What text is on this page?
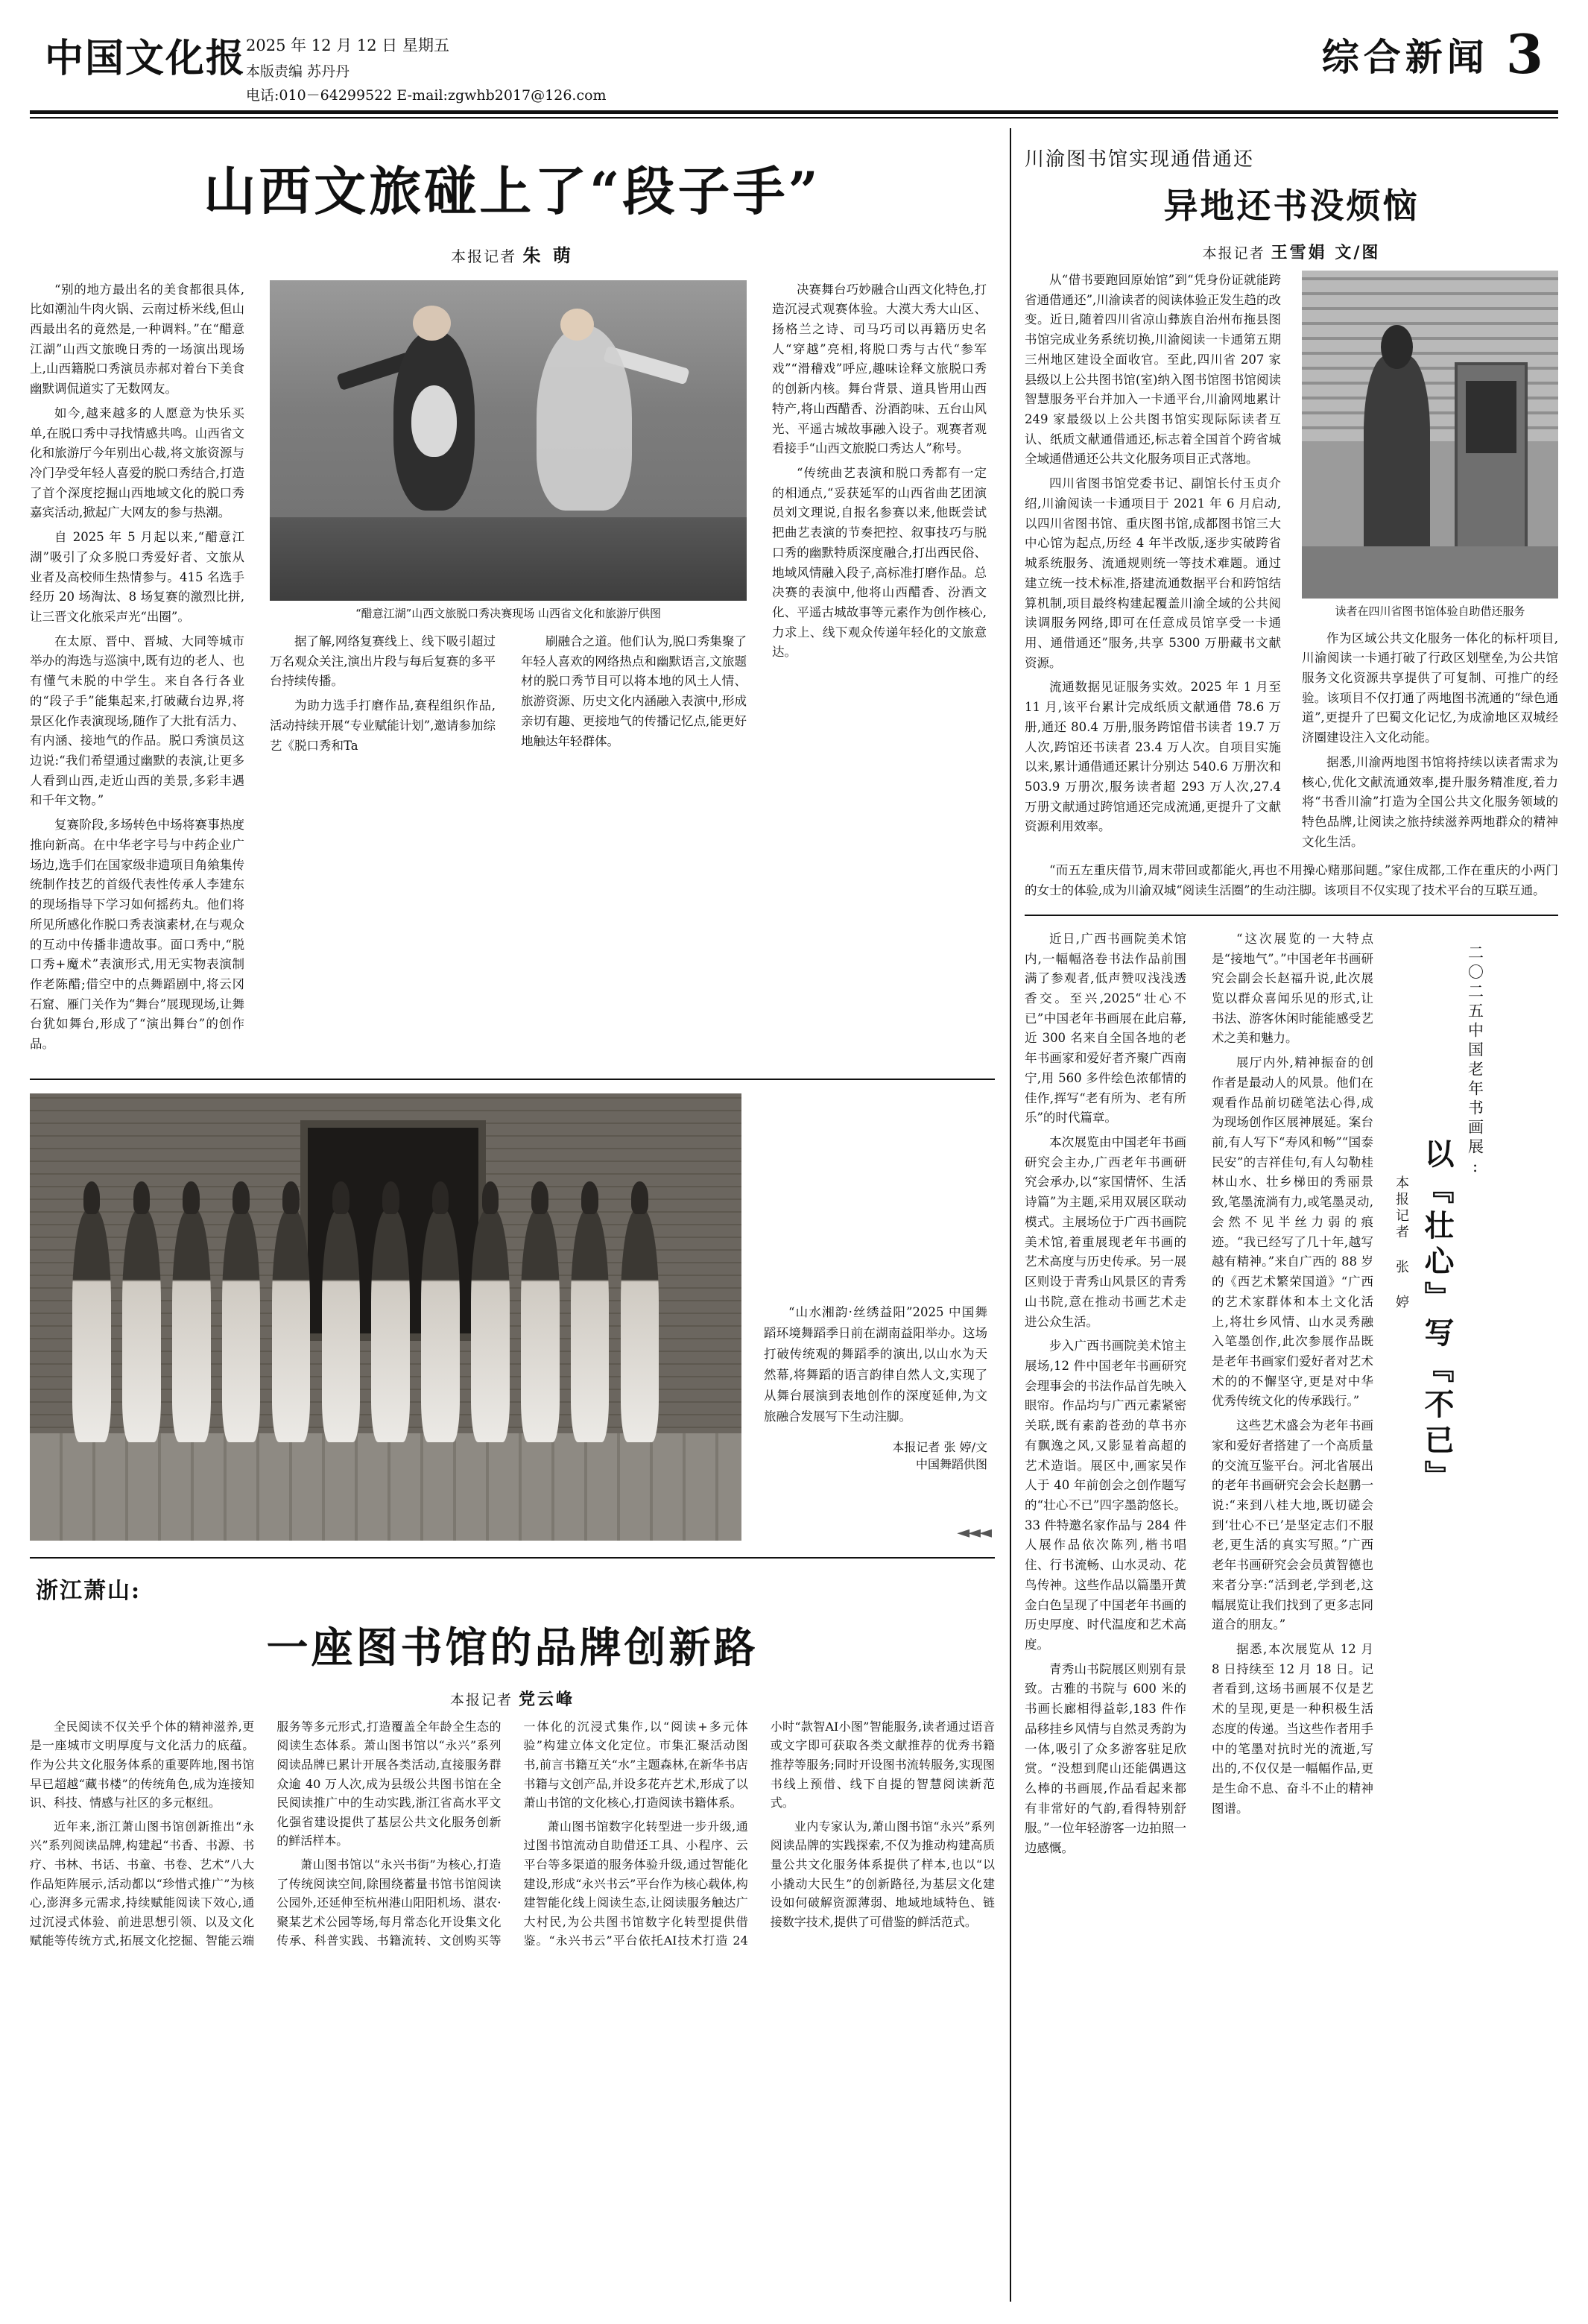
中国文化报 2025 年 12 月 12 日 星期五
本版责编 苏丹丹
电话:010－64299522 E-mail:zgwhb2017@126.com
综合新闻 3
山西文旅碰上了“段子手”
本报记者 朱 萌

“别的地方最出名的美食都很具体,比如潮汕牛肉火锅、云南过桥米线,但山西最出名的竟然是,一种调料。”在“醋意江湖”山西文旅晚日秀的一场演出现场上,山西籍脱口秀演员赤郝对着台下美食幽默调侃道实了无数网友。

如今,越来越多的人愿意为快乐买单,在脱口秀中寻找情感共鸣。山西省文化和旅游厅今年别出心裁,将文旅资源与冷门孕受年轻人喜爱的脱口秀结合,打造了首个深度挖掘山西地域文化的脱口秀嘉宾活动,掀起广大网友的参与热潮。

自 2025 年 5 月起以来,“醋意江湖”吸引了众多脱口秀爱好者、文旅从业者及高校师生热情参与。415 名选手经历 20 场淘汰、8 场复赛的激烈比拼,让三晋文化旅采声光“出圈”。

在太原、晋中、晋城、大同等城市举办的海选与巡演中,既有边的老人、也有懂气未脱的中学生。来自各行各业的“段子手”能集起来,打破藏台边界,将景区化作表演现场,随作了大批有活力、有内涵、接地气的作品。脱口秀演员这边说:“我们希望通过幽默的表演,让更多人看到山西,走近山西的美景,多彩丰遇和千年文物。”

复赛阶段,多场转色中场将赛事热度推向新高。在中华老字号与中药企业广场边,选手们在国家级非遗项目角飨集传统制作技艺的首级代表性传承人李建东的现场指导下学习如何摇药丸。他们将所见所感化作脱口秀表演素材,在与观众的互动中传播非遗故事。面口秀中,“脱口秀+魔术”表演形式,用无实物表演制作老陈醋;借空中的点舞蹈剧中,将云冈石窟、雁门关作为“舞台”展现现场,让舞台犹如舞台,形成了“演出舞台”的创作品。

“醋意江湖”山西文旅脱口秀决赛现场 山西省文化和旅游厅供图

据了解,网络复赛线上、线下吸引超过万名观众关注,演出片段与每后复赛的多平台持续传播。

为助力选手打磨作品,赛程组织作品,活动持续开展“专业赋能计划”,邀请参加综艺《脱口秀和Ta

刷融合之道。他们认为,脱口秀集聚了年轻人喜欢的网络热点和幽默语言,文旅题材的脱口秀节目可以将本地的风土人情、旅游资源、历史文化内涵融入表演中,形成亲切有趣、更接地气的传播记忆点,能更好地触达年轻群体。

决赛舞台巧妙融合山西文化特色,打造沉浸式观赛体验。大漠大秀大山区、扬格兰之诗、司马巧司以再籍历史名人“穿越”亮相,将脱口秀与古代“参军戏”“滑稽戏”呼应,趣味诠释文旅脱口秀的创新内核。舞台背景、道具皆用山西特产,将山西醋香、汾酒韵味、五台山风光、平遥古城故事融入设子。观赛者观看接手“山西文旅脱口秀达人”称号。

“传统曲艺表演和脱口秀都有一定的相通点,“妥获延军的山西省曲艺团演员刘文理说,自报名参赛以来,他既尝试把曲艺表演的节奏把控、叙事技巧与脱口秀的幽默特质深度融合,打出西民俗、地域风情融入段子,高标准打磨作品。总决赛的表演中,他将山西醋香、汾酒文化、平遥古城故事等元素作为创作核心,力求上、线下观众传递年轻化的文旅意达。

“山水湘韵·丝绣益阳”2025 中国舞蹈环境舞蹈季日前在湖南益阳举办。这场打破传统观的舞蹈季的演出,以山水为天然幕,将舞蹈的语言韵律自然人文,实现了从舞台展演到表地创作的深度延伸,为文旅融合发展写下生动注脚。
本报记者 张 婷/文
中国舞蹈供图
◄◄◄
浙江萧山:
一座图书馆的品牌创新路
本报记者 党云峰

全民阅读不仅关乎个体的精神滋养,更是一座城市文明厚度与文化活力的底蕴。作为公共文化服务体系的重要阵地,图书馆早已超越“藏书楼”的传统角色,成为连接知识、科技、情感与社区的多元枢纽。

近年来,浙江萧山图书馆创新推出“永兴”系列阅读品牌,构建起“书香、书源、书疗、书林、书话、书童、书卷、艺术”八大作品矩阵展示,活动都以“珍惜式推广”为核心,澎湃多元需求,持续赋能阅读下效心,通过沉浸式体验、前进思想引领、以及文化赋能等传统方式,拓展文化挖掘、智能云端服务等多元形式,打造覆盖全年龄全生态的阅读生态体系。萧山图书馆以“永兴”系列阅读品牌已累计开展各类活动,直接服务群众逾 40 万人次,成为县级公共图书馆在全民阅读推广中的生动实践,浙江省高水平文化强省建设提供了基层公共文化服务创新的鲜活样本。

萧山图书馆以“永兴书街”为核心,打造了传统阅读空间,除围绕蓄量书馆书馆阅读公园外,还延伸至杭州港山阳阳机场、湛农·聚某艺术公园等场,每月常态化开设集文化传承、科普实践、书籍流转、文创购买等一体化的沉浸式集作,以“阅读+多元体验”构建立体文化定位。市集汇聚活动图书,前言书籍互关“水”主题森林,在新华书店书籍与文创产品,并设多花卉艺术,形成了以萧山书馆的文化核心,打造阅读书籍体系。

萧山图书馆数字化转型进一步升级,通过图书馆流动自助借还工具、小程序、云平台等多渠道的服务体验升级,通过智能化建设,形成“永兴书云”平台作为核心载体,构建智能化线上阅读生态,让阅读服务触达广大村民,为公共图书馆数字化转型提供借鉴。“永兴书云”平台依托AI技术打造 24 小时“款智AI小图”智能服务,读者通过语音或文字即可获取各类文献推荐的优秀书籍推荐等服务;同时开设图书流转服务,实现图书线上预借、线下自提的智慧阅读新范式。

业内专家认为,萧山图书馆“永兴”系列阅读品牌的实践探索,不仅为推动构建高质量公共文化服务体系提供了样本,也以“以小撬动大民生”的创新路径,为基层文化建设如何破解资源薄弱、地域地域特色、链接数字技术,提供了可借鉴的鲜活范式。

川渝图书馆实现通借通还
异地还书没烦恼
本报记者 王雪娟 文/图

从“借书要跑回原始馆”到“凭身份证就能跨省通借通还”,川渝读者的阅读体验正发生趋的改变。近日,随着四川省凉山彝族自治州布拖县图书馆完成业务系统切换,川渝阅读一卡通第五期三州地区建设全面收官。至此,四川省 207 家县级以上公共图书馆(室)纳入图书馆图书馆阅读智慧服务平台并加入一卡通平台,川渝网地累计 249 家最级以上公共图书馆实现际际读者互认、纸质文献通借通还,标志着全国首个跨省城全域通借通还公共文化服务项目正式落地。

四川省图书馆党委书记、副馆长付玉贞介绍,川渝阅读一卡通项目于 2021 年 6 月启动,以四川省图书馆、重庆图书馆,成都图书馆三大中心馆为起点,历经 4 年半改版,逐步实破跨省城系统服务、流通规则统一等技术难题。通过建立统一技术标准,搭建流通数据平台和跨馆结算机制,项目最终构建起覆盖川渝全域的公共阅读调服务网络,即可在任意成员馆享受一卡通用、通借通还”服务,共享 5300 万册藏书文献资源。

流通数据见证服务实效。2025 年 1 月至 11 月,该平台累计完成纸质文献通借 78.6 万册,通还 80.4 万册,服务跨馆借书读者 19.7 万人次,跨馆还书读者 23.4 万人次。自项目实施以来,累计通借通还累计分别达 540.6 万册次和 503.9 万册次,服务读者超 293 万人次,27.4 万册文献通过跨馆通还完成流通,更提升了文献资源利用效率。

读者在四川省图书馆体验自助借还服务

作为区域公共文化服务一体化的标杆项目,川渝阅读一卡通打破了行政区划壁垒,为公共馆服务文化资源共享提供了可复制、可推广的经验。该项目不仅打通了两地图书流通的“绿色通道”,更提升了巴蜀文化记忆,为成渝地区双城经济圈建设注入文化动能。

据悉,川渝两地图书馆将持续以读者需求为核心,优化文献流通效率,提升服务精准度,着力将“书香川渝”打造为全国公共文化服务领域的特色品牌,让阅读之旅持续滋养两地群众的精神文化生活。

“而五左重庆借节,周末带回或都能火,再也不用操心赌那间题。”家住成都,工作在重庆的小两门的女士的体验,成为川渝双城“阅读生活圈”的生动注脚。该项目不仅实现了技术平台的互联互通。

近日,广西书画院美术馆内,一幅幅洛卷书法作品前围满了参观者,低声赞叹浅浅透香交。至兴,2025“壮心不已”中国老年书画展在此启幕,近 300 名来自全国各地的老年书画家和爱好者齐聚广西南宁,用 560 多件绘色浓郁情的佳作,挥写“老有所为、老有所乐”的时代篇章。

本次展览由中国老年书画研究会主办,广西老年书画研究会承办,以“家国情怀、生活诗篇”为主题,采用双展区联动模式。主展场位于广西书画院美术馆,着重展现老年书画的艺术高度与历史传承。另一展区则设于青秀山风景区的青秀山书院,意在推动书画艺术走进公众生活。

步入广西书画院美术馆主展场,12 件中国老年书画研究会理事会的书法作品首先映入眼帘。作品均与广西元素紧密关联,既有素韵苍劲的草书亦有飘逸之风,又影显着高超的艺术造诣。展区中,画家吴作人于 40 年前创会之创作题写的“壮心不已”四字墨韵悠长。33 件特邀名家作品与 284 件人展作品依次陈列,楷书唱住、行书流畅、山水灵动、花鸟传神。这些作品以篇墨开黄金白色呈现了中国老年书画的历史厚度、时代温度和艺术高度。

青秀山书院展区则别有景致。古雅的书院与 600 米的书画长廊相得益彰,183 件作品移挂乡风情与自然灵秀韵为一体,吸引了众多游客驻足欣赏。“没想到爬山还能偶遇这么棒的书画展,作品看起来都有非常好的气韵,看得特别舒服。”一位年轻游客一边拍照一边感慨。

“这次展览的一大特点是“接地气”。”中国老年书画研究会副会长赵福升说,此次展览以群众喜闻乐见的形式,让书法、游客休闲时能能感受艺术之美和魅力。

展厅内外,精神振奋的创作者是最动人的风景。他们在观看作品前切磋笔法心得,成为现场创作区展神展延。案台前,有人写下“寿风和畅”“国泰民安”的吉祥佳句,有人勾勒桂林山水、壮乡梯田的秀丽景致,笔墨流淌有力,或笔墨灵动,会然不见半丝力弱的痕迹。“我已经写了几十年,越写越有精神。”来自广西的 88 岁的《西艺术繁荣国道》“广西的艺术家群体和本土文化活上,将壮乡风情、山水灵秀融入笔墨创作,此次参展作品既是老年书画家们爱好者对艺术术的的不懈坚守,更是对中华优秀传统文化的传承践行。”

这些艺术盛会为老年书画家和爱好者搭建了一个高质量的交流互鉴平台。河北省展出的老年书画研究会会长赵鹏一说:“来到八桂大地,既切磋会到‘壮心不已’是坚定志们不服老,更生活的真实写照。”广西老年书画研究会会员黄智德也来者分享:“活到老,学到老,这幅展览让我们找到了更多志同道合的朋友。”

据悉,本次展览从 12 月 8 日持续至 12 月 18 日。记者看到,这场书画展不仅是艺术的呈现,更是一种积极生活态度的传递。当这些作者用手中的笔墨对抗时光的流逝,写出的,不仅仅是一幅幅作品,更是生命不息、奋斗不止的精神图谱。

本报记者 张 婷 以『壮心』写『不已』
二〇二五中国老年书画展:
